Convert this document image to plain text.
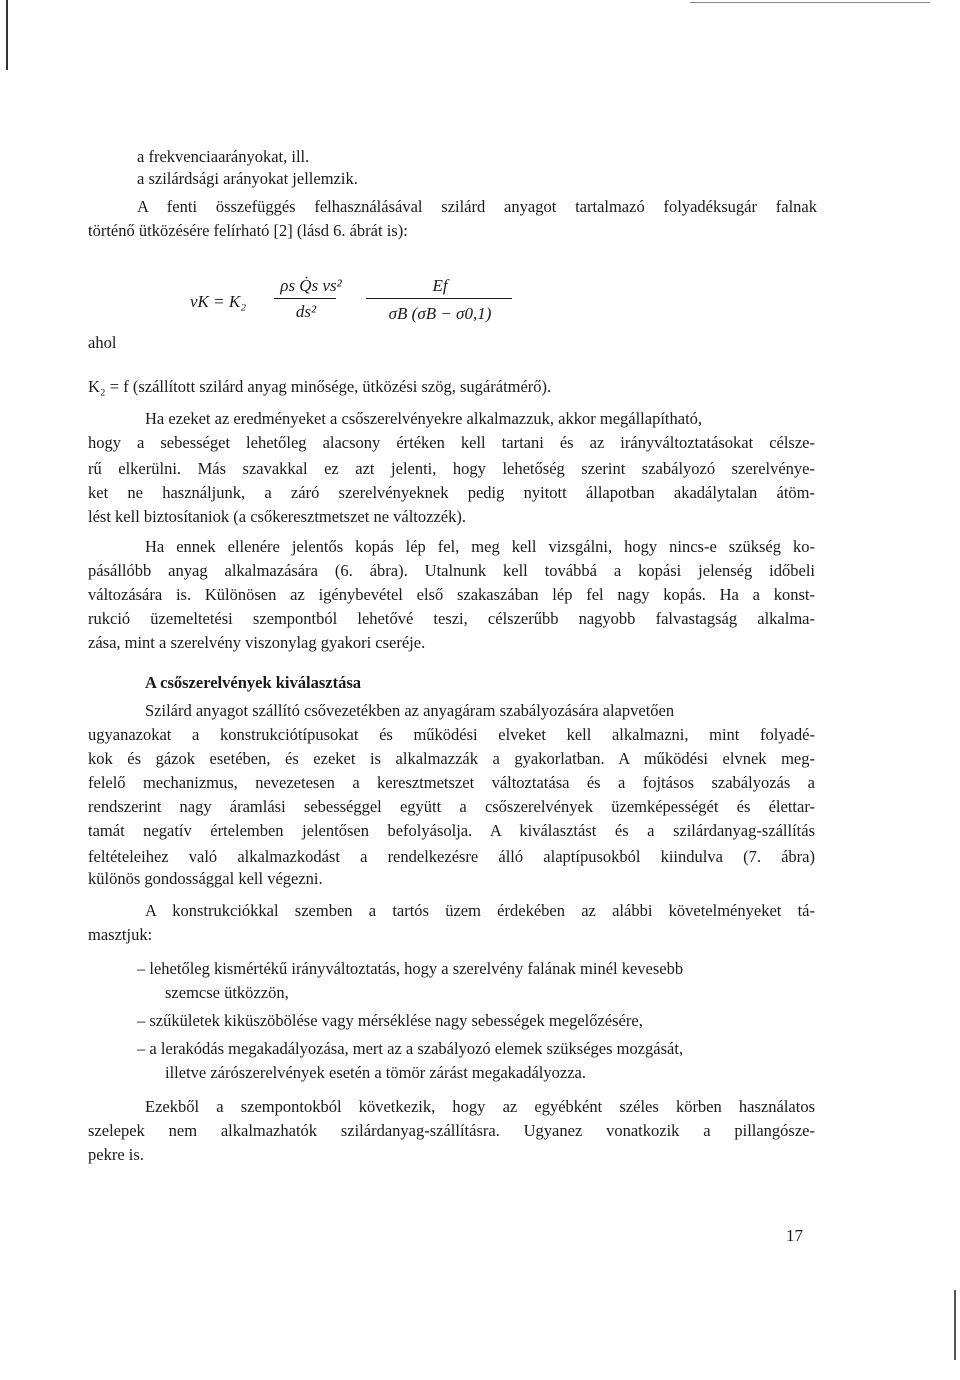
a frekvenciaarányokat, ill.
a szilárdsági arányokat jellemzik.
A fenti összefüggés felhasználásával szilárd anyagot tartalmazó folyadéksugár falnak
történő ütközésére felírható [2] (lásd 6. ábrát is):
vK = K₂
ρs Q̇s vs²
ds²
Ef
σB (σB − σ0,1)
ahol
K₂ = f (szállított szilárd anyag minősége, ütközési szög, sugárátmérő).
Ha ezeket az eredményeket a csőszerelvényekre alkalmazzuk, akkor megállapítható,
hogy a sebességet lehetőleg alacsony értéken kell tartani és az irányváltoztatásokat célsze-
rű elkerülni. Más szavakkal ez azt jelenti, hogy lehetőség szerint szabályozó szerelvénye-
ket ne használjunk, a záró szerelvényeknek pedig nyitott állapotban akadálytalan átöm-
lést kell biztosítaniok (a csőkeresztmetszet ne változzék).
Ha ennek ellenére jelentős kopás lép fel, meg kell vizsgálni, hogy nincs-e szükség ko-
pásállóbb anyag alkalmazására (6. ábra). Utalnunk kell továbbá a kopási jelenség időbeli
változására is. Különösen az igénybevétel első szakaszában lép fel nagy kopás. Ha a konst-
rukció üzemeltetési szempontból lehetővé teszi, célszerűbb nagyobb falvastagság alkalma-
zása, mint a szerelvény viszonylag gyakori cseréje.
A csőszerelvények kiválasztása
Szilárd anyagot szállító csővezetékben az anyagáram szabályozására alapvetően
ugyanazokat a konstrukciótípusokat és működési elveket kell alkalmazni, mint folyadé-
kok és gázok esetében, és ezeket is alkalmazzák a gyakorlatban. A működési elvnek meg-
felelő mechanizmus, nevezetesen a keresztmetszet változtatása és a fojtásos szabályozás a
rendszerint nagy áramlási sebességgel együtt a csőszerelvények üzemképességét és élettar-
tamát negatív értelemben jelentősen befolyásolja. A kiválasztást és a szilárdanyag-szállítás
feltételeihez való alkalmazkodást a rendelkezésre álló alaptípusokból kiindulva (7. ábra)
különös gondossággal kell végezni.
A konstrukciókkal szemben a tartós üzem érdekében az alábbi követelményeket tá-
masztjuk:
– lehetőleg kismértékű irányváltoztatás, hogy a szerelvény falának minél kevesebb
szemcse ütközzön,
– szűkületek kiküszöbölése vagy mérséklése nagy sebességek megelőzésére,
– a lerakódás megakadályozása, mert az a szabályozó elemek szükséges mozgását,
illetve zárószerelvények esetén a tömör zárást megakadályozza.
Ezekből a szempontokból következik, hogy az egyébként széles körben használatos
szelepek nem alkalmazhatók szilárdanyag-szállításra. Ugyanez vonatkozik a pillangósze-
pekre is.
17
